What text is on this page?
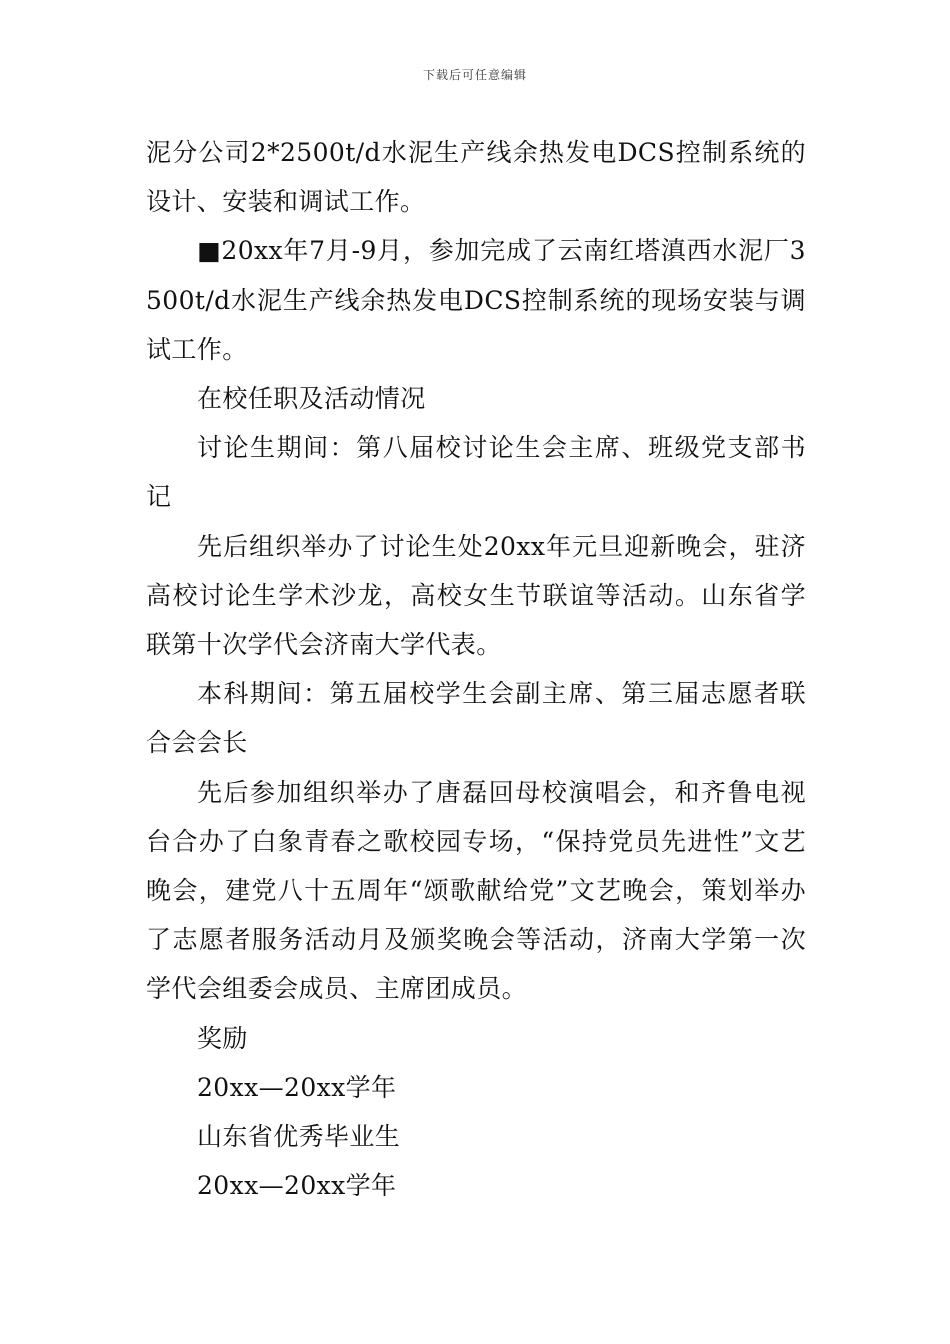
下载后可任意编辑

泥分公司2*2500t/d水泥生产线余热发电DCS控制系统的设计、安装和调试工作。

■20xx年7月-9月，参加完成了云南红塔滇西水泥厂3500t/d水泥生产线余热发电DCS控制系统的现场安装与调试工作。

在校任职及活动情况

讨论生期间：第八届校讨论生会主席、班级党支部书记

先后组织举办了讨论生处20xx年元旦迎新晚会，驻济高校讨论生学术沙龙，高校女生节联谊等活动。山东省学联第十次学代会济南大学代表。

本科期间：第五届校学生会副主席、第三届志愿者联合会会长

先后参加组织举办了唐磊回母校演唱会，和齐鲁电视台合办了白象青春之歌校园专场，“保持党员先进性”文艺晚会，建党八十五周年“颂歌献给党”文艺晚会，策划举办了志愿者服务活动月及颁奖晚会等活动，济南大学第一次学代会组委会成员、主席团成员。

奖励

20xx—20xx学年

山东省优秀毕业生

20xx—20xx学年
